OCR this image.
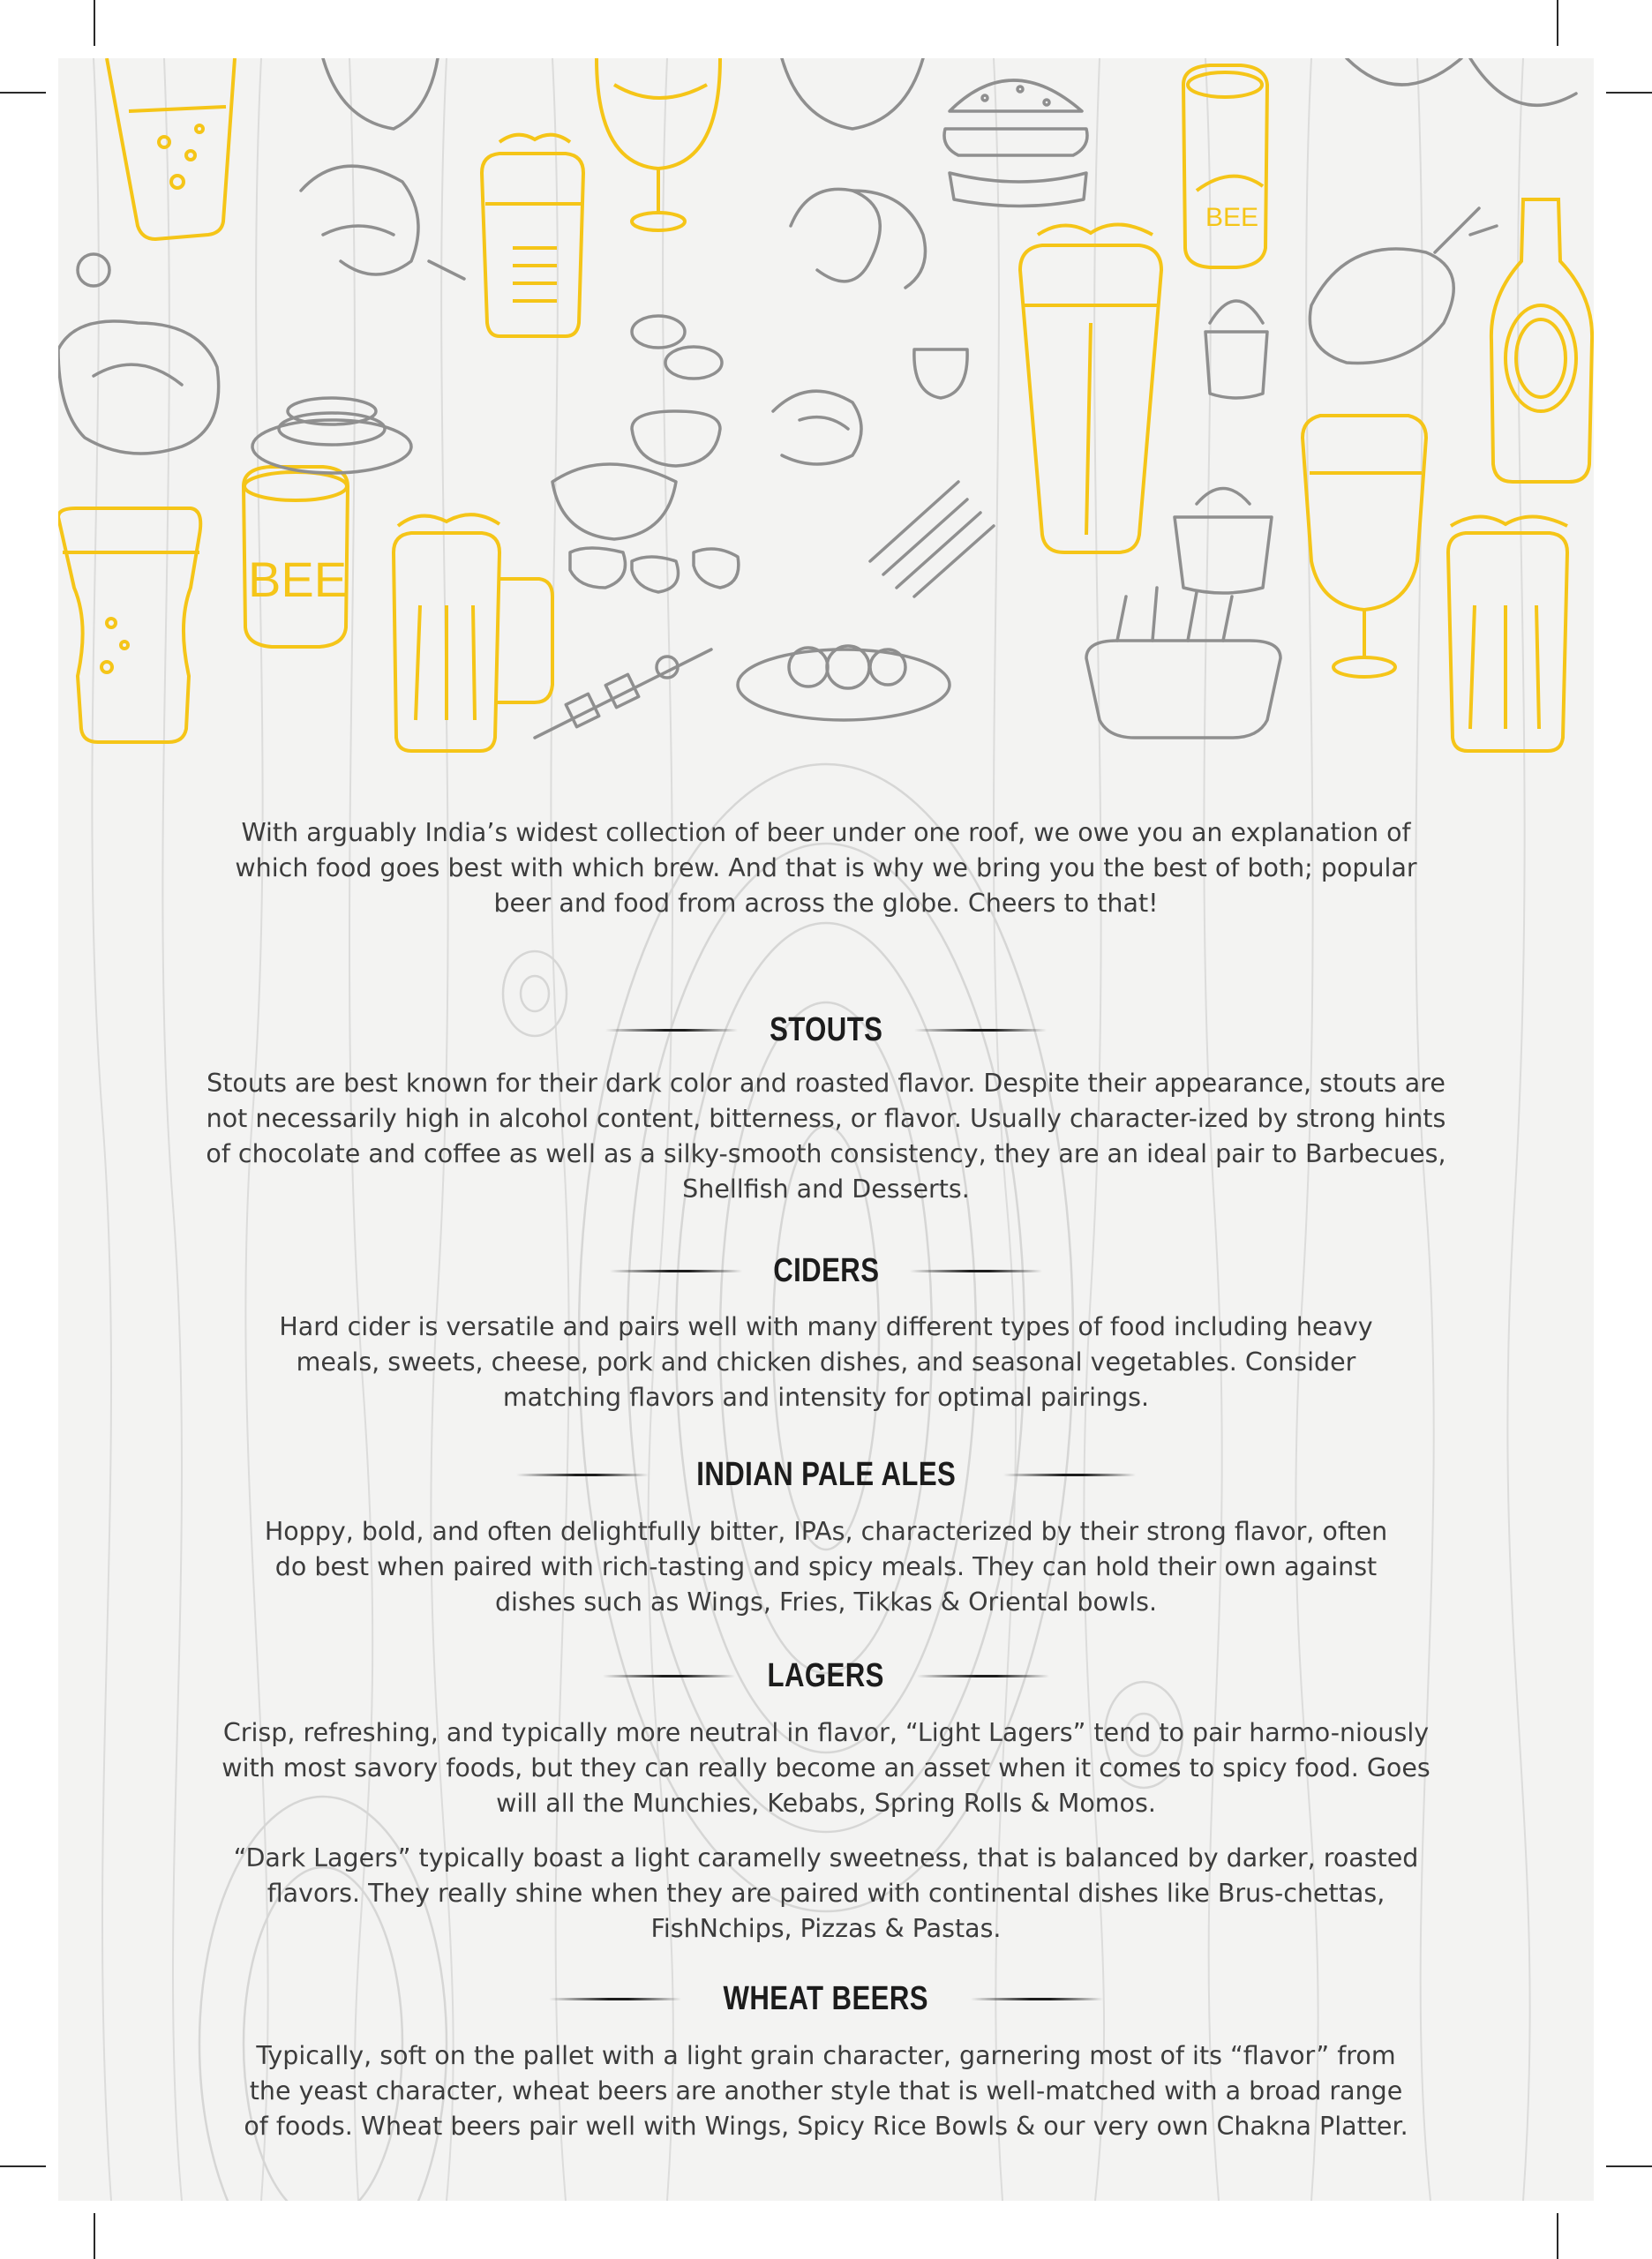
BEE
BEE

With arguably India’s widest collection of beer under one roof, we owe you an explanation of which food goes best with which brew. And that is why we bring you the best of both; popular beer and food from across the globe. Cheers to that!

STOUTS

Stouts are best known for their dark color and roasted flavor. Despite their appearance, stouts are not necessarily high in alcohol content, bitterness, or flavor. Usually character-ized by strong hints of chocolate and coffee as well as a silky-smooth consistency, they are an ideal pair to Barbecues, Shellfish and Desserts.

CIDERS

Hard cider is versatile and pairs well with many different types of food including heavy meals, sweets, cheese, pork and chicken dishes, and seasonal vegetables. Consider matching flavors and intensity for optimal pairings.

INDIAN PALE ALES

Hoppy, bold, and often delightfully bitter, IPAs, characterized by their strong flavor, often do best when paired with rich-tasting and spicy meals. They can hold their own against dishes such as Wings, Fries, Tikkas & Oriental bowls.

LAGERS

Crisp, refreshing, and typically more neutral in flavor, “Light Lagers” tend to pair harmo-niously with most savory foods, but they can really become an asset when it comes to spicy food. Goes will all the Munchies, Kebabs, Spring Rolls & Momos.

“Dark Lagers” typically boast a light caramelly sweetness, that is balanced by darker, roasted flavors. They really shine when they are paired with continental dishes like Brus-chettas, FishNchips, Pizzas & Pastas.

WHEAT BEERS

Typically, soft on the pallet with a light grain character, garnering most of its “flavor” from the yeast character, wheat beers are another style that is well-matched with a broad range of foods. Wheat beers pair well with Wings, Spicy Rice Bowls & our very own Chakna Platter.
